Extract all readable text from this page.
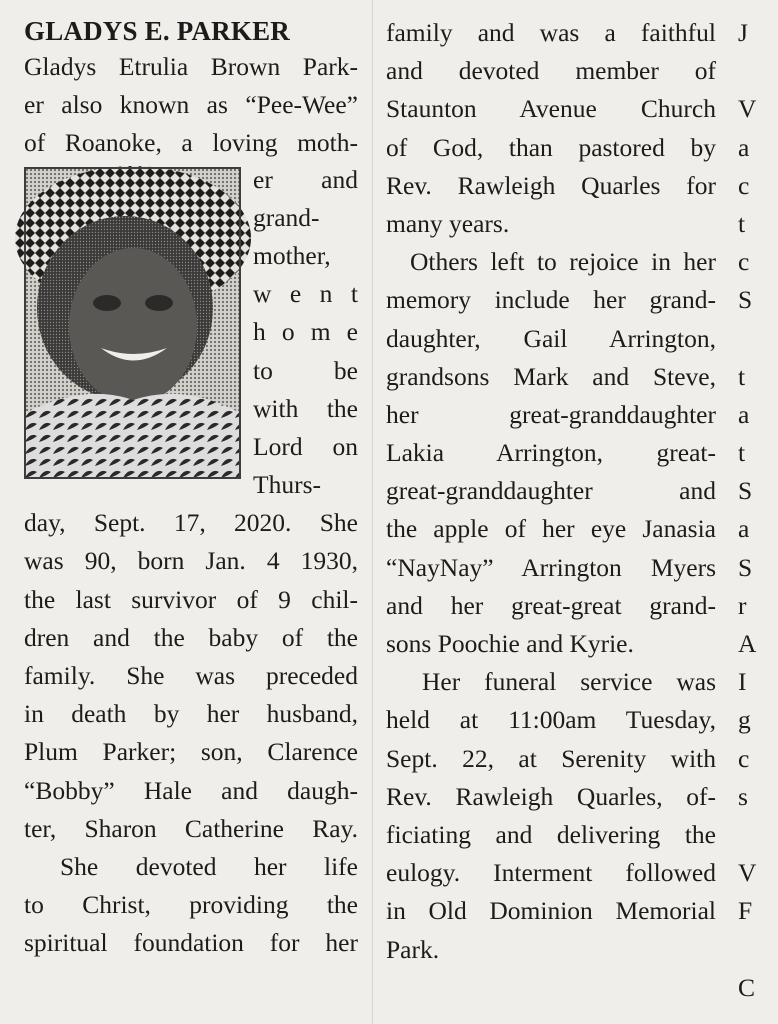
GLADYS E. PARKER
Gladys Etrulia Brown Park-
er also known as “Pee-Wee”
of Roanoke, a loving moth-
er and
grand-
mother,
w e n t
h o m e
to be
with the
Lord on
Thurs-
day, Sept. 17, 2020. She
was 90, born Jan. 4 1930,
the last survivor of 9 chil-
dren and the baby of the
family. She was preceded
in death by her husband,
Plum Parker; son, Clarence
“Bobby” Hale and daugh-
ter, Sharon Catherine Ray.
She devoted her life
to Christ, providing the
spiritual foundation for her
family and was a faithful
and devoted member of
Staunton Avenue Church
of God, than pastored by
Rev. Rawleigh Quarles for
many years.
Others left to rejoice in her
memory include her grand-
daughter, Gail Arrington,
grandsons Mark and Steve,
her great-granddaughter
Lakia Arrington, great-
great-granddaughter and
the apple of her eye Janasia
“NayNay” Arrington Myers
and her great-great grand-
sons Poochie and Kyrie.
Her funeral service was
held at 11:00am Tuesday,
Sept. 22, at Serenity with
Rev. Rawleigh Quarles, of-
ficiating and delivering the
eulogy. Interment followed
in Old Dominion Memorial
Park.
J
V
a
c
t
c
S
t
a
t
S
a
S
r
A
I
g
c
s
V
F
C
